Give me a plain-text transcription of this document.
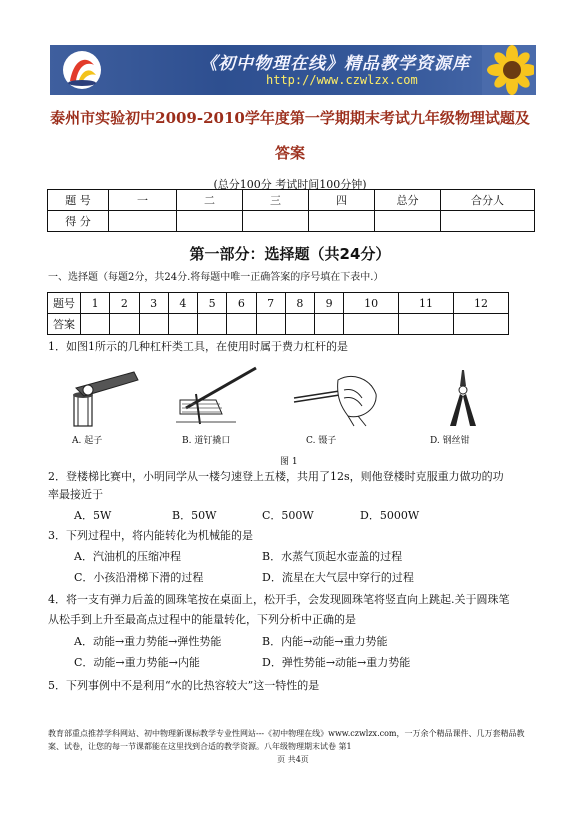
《初中物理在线》精品教学资源库
http://www.czwlzx.com
泰州市实验初中2009-2010学年度第一学期期末考试九年级物理试题及
答案
(总分100分 考试时间100分钟)
题 号	一	二	三	四	总分	合分人
得 分						
第一部分：选择题（共24分）
一、选择题（每题2分，共24分.将每题中唯一正确答案的序号填在下表中.）
题号	1	2	3	4	5	6	7	8	9	10	11	12
答案												
1．如图1所示的几种杠杆类工具，在使用时属于费力杠杆的是
A. 起子	B. 道钉撬口	C. 镊子	D. 钢丝钳
图 1
2．登楼梯比赛中，小明同学从一楼匀速登上五楼，共用了12s，则他登楼时克服重力做功的功
率最接近于
A．5W	B．50W	C．500W	D．5000W
3．下列过程中，将内能转化为机械能的是
A．汽油机的压缩冲程	B．水蒸气顶起水壶盖的过程
C．小孩沿滑梯下滑的过程	D．流星在大气层中穿行的过程
4．将一支有弹力后盖的圆珠笔按在桌面上，松开手，会发现圆珠笔将竖直向上跳起.关于圆珠笔
从松手到上升至最高点过程中的能量转化，下列分析中正确的是
A．动能→重力势能→弹性势能	B．内能→动能→重力势能
C．动能→重力势能→内能	D．弹性势能→动能→重力势能
5．下列事例中不是利用“水的比热容较大”这一特性的是
教育部重点推荐学科网站、初中物理新课标教学专业性网站---《初中物理在线》www.czwlzx.com，一万余个精品课件、几万套精品教案、试卷，让您的每一节课都能在这里找到合适的教学资源。八年级物理期末试卷 第1

页 共4页
